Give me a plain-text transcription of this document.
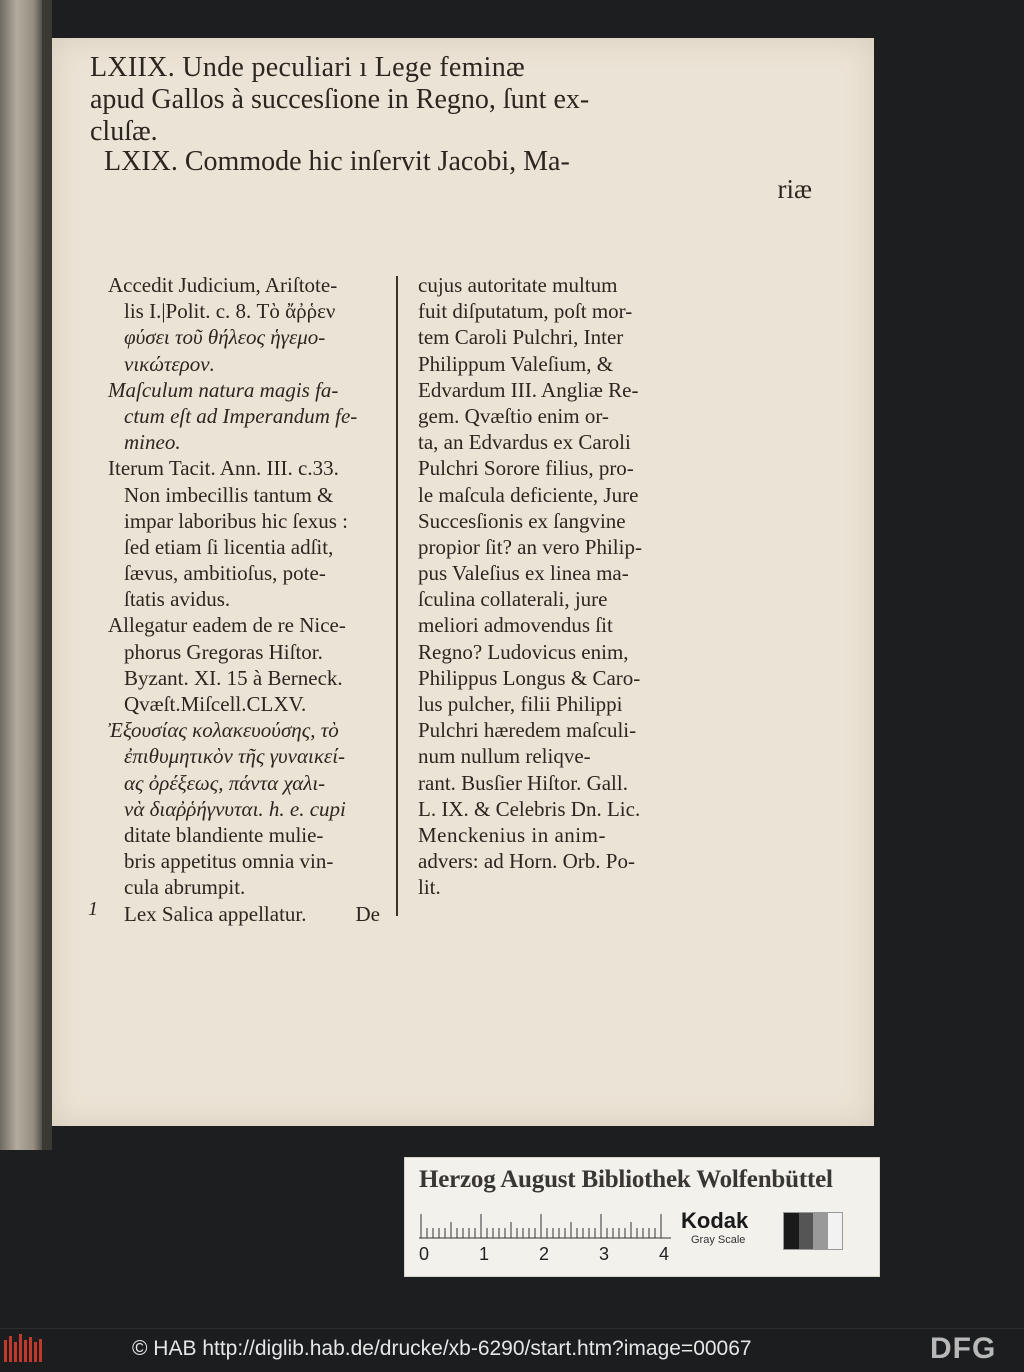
LXIIX. Unde peculiari ı Lege feminæ
apud Gallos à succesſione in Regno, ſunt ex-
cluſæ.
LXIX. Commode hic inſervit Jacobi, Ma-
riæ
Accedit Judicium, Ariſtote-
lis I.|Polit. c. 8. Τὸ ἄῤῥεν
φύσει τοῦ θήλεος ἡγεμο-
νικώτερον.
Maſculum natura magis fa-
ctum eſt ad Imperandum fe-
mineo.
Iterum Tacit. Ann. III. c.33.
Non imbecillis tantum &
impar laboribus hic ſexus :
ſed etiam ſi licentia adſit,
ſævus, ambitioſus, pote-
ſtatis avidus.
Allegatur eadem de re Nice-
phorus Gregoras Hiſtor.
Byzant. XI. 15 à Berneck.
Qvæſt.Miſcell.CLXV.
Ἐξουσίας κολακευούσης, τὸ
ἐπιθυμητικὸν τῆς γυναικεί-
ας ὀρέξεως, πάντα χαλι-
νὰ διαῤῥήγνυται. h. e. cupi
ditate blandiente mulie-
bris appetitus omnia vin-
cula abrumpit.
Lex Salica appellatur. De
1
cujus autoritate multum
fuit diſputatum, poſt mor-
tem Caroli Pulchri, Inter
Philippum Valeſium, &
Edvardum III. Angliæ Re-
gem. Qvæſtio enim or-
ta, an Edvardus ex Caroli
Pulchri Sorore filius, pro-
le maſcula deficiente, Jure
Succesſionis ex ſangvine
propior ſit? an vero Philip-
pus Valeſius ex linea ma-
ſculina collaterali, jure
meliori admovendus ſit
Regno? Ludovicus enim,
Philippus Longus & Caro-
lus pulcher, filii Philippi
Pulchri hæredem maſculi-
num nullum reliqve-
rant. Busſier Hiſtor. Gall.
L. IX. & Celebris Dn. Lic.
Menckenius in anim-
advers: ad Horn. Orb. Po-
lit.
Herzog August Bibliothek Wolfenbüttel
0	1	2	3	4
Kodak
Gray Scale
© HAB http://diglib.hab.de/drucke/xb-6290/start.htm?image=00067	DFG
